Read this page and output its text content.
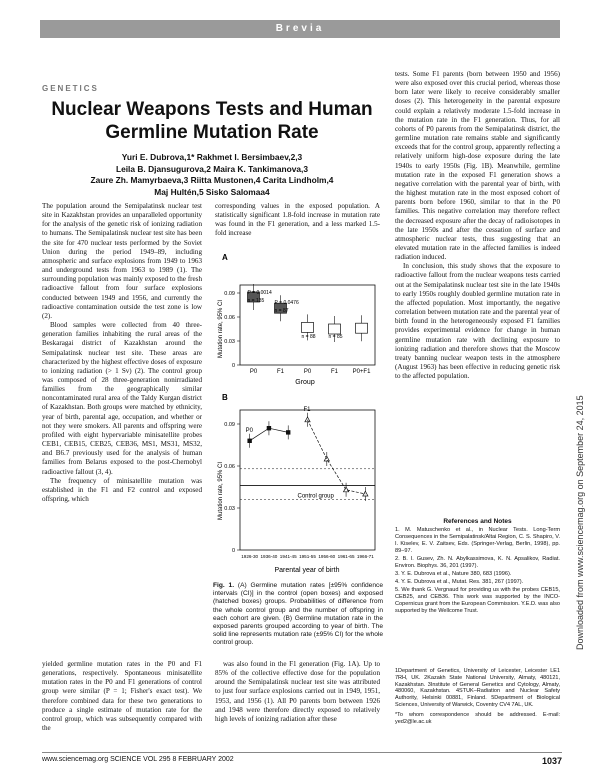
Brevia
GENETICS
Nuclear Weapons Tests and Human Germline Mutation Rate
Yuri E. Dubrova,1* Rakhmet I. Bersimbaev,2,3
Leila B. Djansugurova,2 Maira K. Tankimanova,3
Zaure Zh. Mamyrbaeva,3 Riitta Mustonen,4 Carita Lindholm,4
Maj Hultén,5 Sisko Salomaa4

The population around the Semipalatinsk nuclear test site in Kazakhstan provides an unparalleled opportunity for the analysis of the genetic risk of ionizing radiation to humans. The Semipalatinsk nuclear test site has been the site for 470 nuclear tests performed by the Soviet Union during the period 1949–89, including atmospheric and surface explosions from 1949 to 1963 and underground tests from 1963 to 1989 (1). The surrounding population was mainly exposed to the fresh radioactive fallout from four surface explosions conducted between 1949 and 1956, and currently the radioactive contamination outside the test zone is low (2).

Blood samples were collected from 40 three-generation families inhabiting the rural areas of the Beskaragai district of Kazakhstan around the Semipalatinsk nuclear test site. These areas are characterized by the highest effective doses of exposure to ionizing radiation (> 1 Sv) (2). The control group was composed of 28 three-generation nonirradiated families from the geographically similar noncontaminated rural area of the Taldy Kurgan district of Kazakhstan. Both groups were matched by ethnicity, year of birth, parental age, occupation, and whether or not they were smokers. All parents and offspring were profiled with eight hypervariable minisatellite probes CEB1, CEB15, CEB25, CEB36, MS1, MS31, MS32, and B6.7 previously used for the analysis of human families from Belarus exposed to the post-Chernobyl radioactive fallout (3, 4).

The frequency of minisatellite mutation was established in the F1 and F2 control and exposed offspring, which

corresponding values in the exposed population. A statistically significant 1.8-fold increase in mutation rate was found in the F1 generation, and a less marked 1.5-fold increase

A
0
0.03
0.06
0.09
Mutation rate, 95% CI
P0	F1	P0	F1 P0+F1
P = 0.0014
n = 135 P = 0.0476
n = 87
n = 88	n = 85
Group
B
0
0.03
0.06
0.09
Mutation rate, 95% CI	Control group
P0
F1
1926-30 1936-40 1941-45 1951-55 1956-60 1961-65 1966-71
Parental year of birth
Fig. 1. (A) Germline mutation rates [±95% confidence intervals (CI)] in the control (open boxes) and exposed (hatched boxes) groups. Probabilities of difference from the whole control group and the number of offspring in each cohort are given. (B) Germline mutation rate in the exposed parents grouped according to year of birth. The solid line represents mutation rate (±95% CI) for the whole control group.

yielded germline mutation rates in the P0 and F1 generations, respectively. Spontaneous minisatellite mutation rates in the P0 and F1 generations of control group were similar (P = 1; Fisher's exact test). We therefore combined data for these two generations to produce a single estimate of mutation rate for the control group, which was subsequently compared with the

was also found in the F1 generation (Fig. 1A). Up to 85% of the collective effective dose for the population around the Semipalatinsk nuclear test site was attributed to just four surface explosions carried out in 1949, 1951, 1953, and 1956 (1). All P0 parents born between 1926 and 1948 were therefore directly exposed to relatively high levels of ionizing radiation after these

tests. Some F1 parents (born between 1950 and 1956) were also exposed over this crucial period, whereas those born later were likely to receive considerably smaller doses (2). This heterogeneity in the parental exposure could explain a relatively moderate 1.5-fold increase in the mutation rate in the F1 generation. Thus, for all cohorts of P0 parents from the Semipalatinsk district, the germline mutation rate remains stable and significantly exceeds that for the control group, apparently reflecting a relatively uniform high-dose exposure during the late 1940s to early 1950s (Fig. 1B). Meanwhile, germline mutation rate in the exposed F1 generation shows a negative correlation with the parental year of birth, with the highest mutation rate in the most exposed cohort of parents born before 1960, similar to that in the P0 families. This negative correlation may therefore reflect the decreased exposure after the decay of radioisotopes in the late 1950s and after the cessation of surface and atmospheric nuclear tests, thus suggesting that an elevated mutation rate in the affected families is indeed radiation induced.

In conclusion, this study shows that the exposure to radioactive fallout from the nuclear weapons tests carried out at the Semipalatinsk nuclear test site in the late 1940s to early 1950s roughly doubled germline mutation rate in the affected population. Most importantly, the negative correlation between mutation rate and the parental year of birth found in the heterogeneously exposed F1 families provides experimental evidence for change in human germline mutation rate with declining exposure to ionizing radiation and therefore shows that the Moscow treaty banning nuclear weapon tests in the atmosphere (August 1963) has been effective in reducing genetic risk to the affected population.

References and Notes

1. M. Matuschenko et al., in Nuclear Tests. Long-Term Consequences in the Semipalatinsk/Altai Region, C. S. Shapiro, V. I. Kiselev, E. V. Zaitsev, Eds. (Springer-Verlag, Berlin, 1998), pp. 89–97.

2. B. I. Gusev, Zh. N. Abylkassimova, K. N. Apsalikov, Radiat. Environ. Biophys. 36, 201 (1997).

3. Y. E. Dubrova et al., Nature 380, 683 (1996).

4. Y. E. Dubrova et al., Mutat. Res. 381, 267 (1997).

5. We thank G. Vergnaud for providing us with the probes CEB15, CEB25, and CEB36. This work was supported by the INCO-Copernicus grant from the European Commission. Y.E.D. was also supported by the Wellcome Trust.

1Department of Genetics, University of Leicester, Leicester LE1 7RH, UK. 2Kazakh State National University, Almaty, 480121, Kazakhstan. 3Institute of General Genetics and Cytology, Almaty, 480060, Kazakhstan. 4STUK–Radiation and Nuclear Safety Authority, Helsinki 00881, Finland. 5Department of Biological Sciences, University of Warwick, Coventry CV4 7AL, UK.

*To whom correspondence should be addressed. E-mail: yed2@le.ac.uk

www.sciencemag.org SCIENCE VOL 295 8 FEBRUARY 2002	1037
Downloaded from www.sciencemag.org on September 24, 2015
